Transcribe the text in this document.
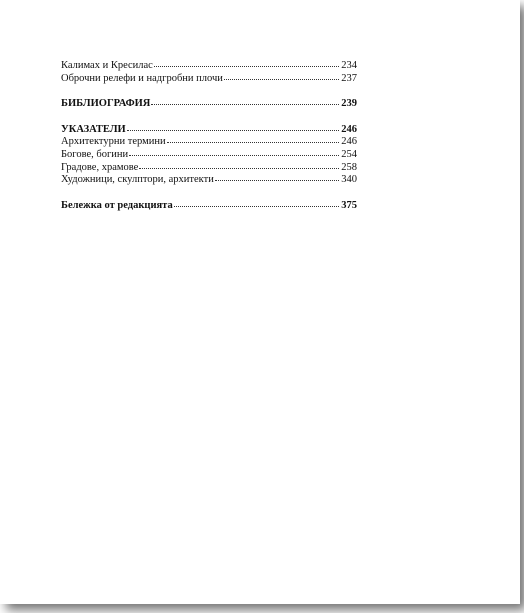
Калимах и Кресилас	234
Оброчни релефи и надгробни плочи	237
БИБЛИОГРАФИЯ	239
УКАЗАТЕЛИ	246
Архитектурни термини	246
Богове, богини	254
Градове, храмове	258
Художници, скулптори, архитекти	340
Бележка от редакцията	375
